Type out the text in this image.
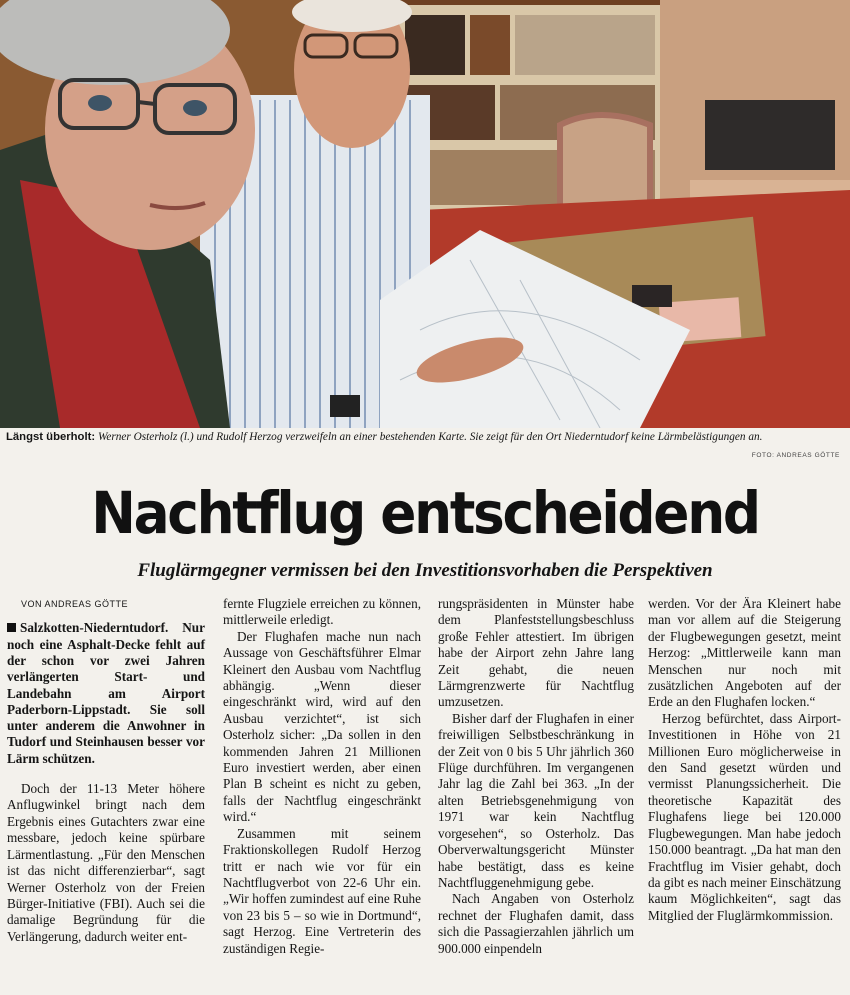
Längst überholt: Werner Osterholz (l.) und Rudolf Herzog verzweifeln an einer bestehenden Karte. Sie zeigt für den Ort Niederntudorf keine Lärmbelästigungen an.
FOTO: ANDREAS GÖTTE
Nachtflug entscheidend
Fluglärmgegner vermissen bei den Investitionsvorhaben die Perspektiven

VON ANDREAS GÖTTE

Salzkotten-Niederntudorf. Nur noch eine Asphalt-Decke fehlt auf der schon vor zwei Jahren verlängerten Start- und Landebahn am Airport Paderborn-Lippstadt. Sie soll unter anderem die Anwohner in Tudorf und Steinhausen besser vor Lärm schützen.

Doch der 11-13 Meter höhere Anflugwinkel bringt nach dem Ergebnis eines Gutachters zwar eine messbare, jedoch keine spürbare Lärmentlastung. „Für den Menschen ist das nicht differenzierbar“, sagt Werner Osterholz von der Freien Bürger-Initiative (FBI). Auch sei die damalige Begründung für die Verlängerung, dadurch weiter ent-

fernte Flugziele erreichen zu können, mittlerweile erledigt.

Der Flughafen mache nun nach Aussage von Geschäftsführer Elmar Kleinert den Ausbau vom Nachtflug abhängig. „Wenn dieser eingeschränkt wird, wird auf den Ausbau verzichtet“, ist sich Osterholz sicher: „Da sollen in den kommenden Jahren 21 Millionen Euro investiert werden, aber einen Plan B scheint es nicht zu geben, falls der Nachtflug eingeschränkt wird.“

Zusammen mit seinem Fraktionskollegen Rudolf Herzog tritt er nach wie vor für ein Nachtflugverbot von 22-6 Uhr ein. „Wir hoffen zumindest auf eine Ruhe von 23 bis 5 – so wie in Dortmund“, sagt Herzog. Eine Vertreterin des zuständigen Regie-

rungspräsidenten in Münster habe dem Planfeststellungsbeschluss große Fehler attestiert. Im übrigen habe der Airport zehn Jahre lang Zeit gehabt, die neuen Lärmgrenzwerte für Nachtflug umzusetzen.

Bisher darf der Flughafen in einer freiwilligen Selbstbeschränkung in der Zeit von 0 bis 5 Uhr jährlich 360 Flüge durchführen. Im vergangenen Jahr lag die Zahl bei 363. „In der alten Betriebsgenehmigung von 1971 war kein Nachtflug vorgesehen“, so Osterholz. Das Oberverwaltungsgericht Münster habe bestätigt, dass es keine Nachtfluggenehmigung gebe.

Nach Angaben von Osterholz rechnet der Flughafen damit, dass sich die Passagierzahlen jährlich um 900.000 einpendeln

werden. Vor der Ära Kleinert habe man vor allem auf die Steigerung der Flugbewegungen gesetzt, meint Herzog: „Mittlerweile kann man Menschen nur noch mit zusätzlichen Angeboten auf der Erde an den Flughafen locken.“

Herzog befürchtet, dass Airport- Investitionen in Höhe von 21 Millionen Euro möglicherweise in den Sand gesetzt würden und vermisst Planungssicherheit. Die theoretische Kapazität des Flughafens liege bei 120.000 Flugbewegungen. Man habe jedoch 150.000 beantragt. „Da hat man den Frachtflug im Visier gehabt, doch da gibt es nach meiner Einschätzung kaum Möglichkeiten“, sagt das Mitglied der Fluglärmkommission.
